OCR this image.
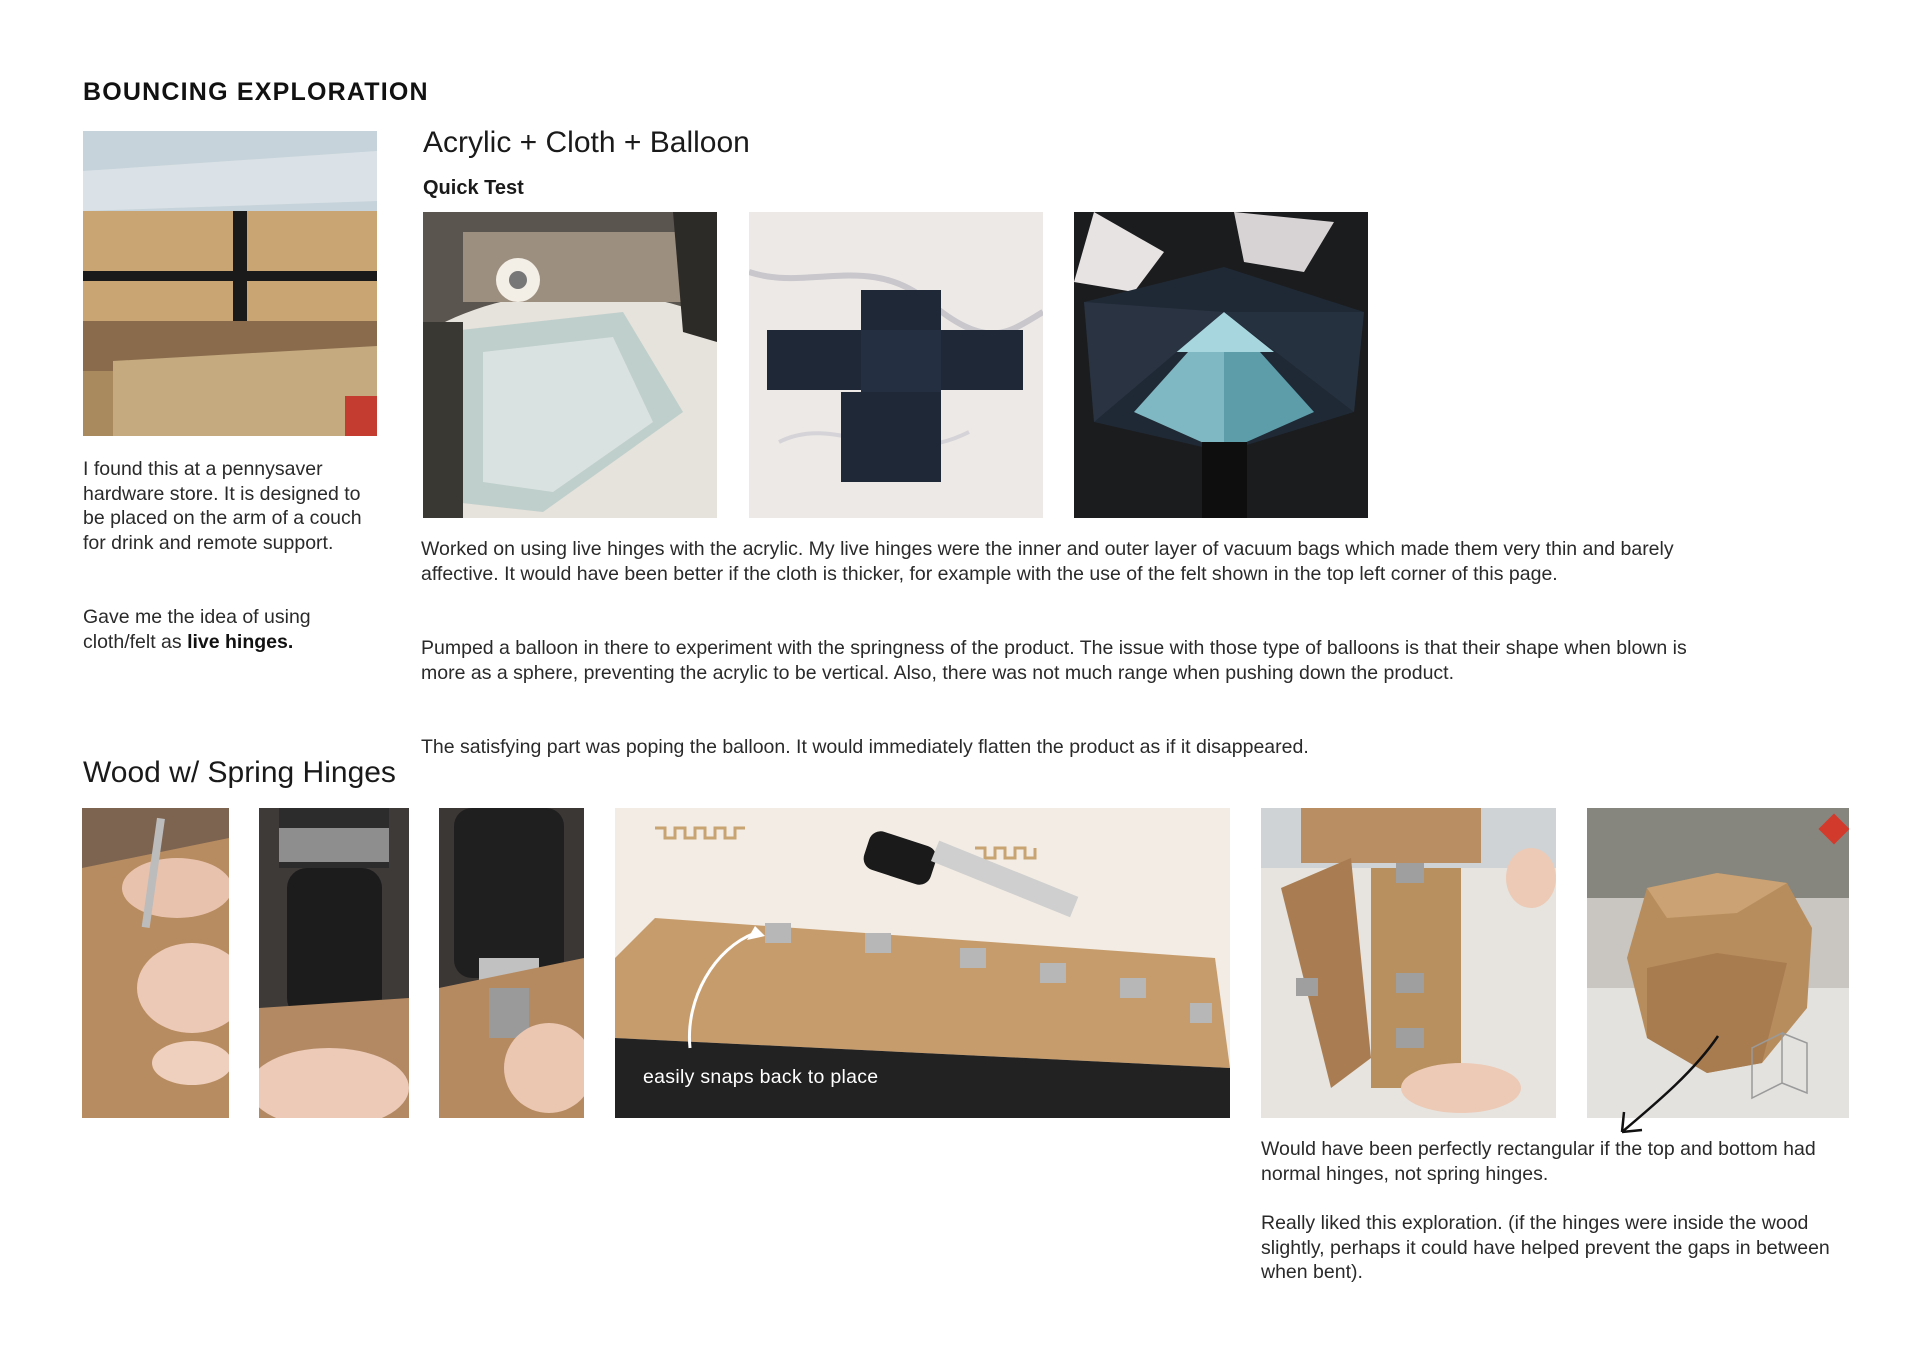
BOUNCING EXPLORATION

I found this at a pennysaver hardware store. It is designed to be placed on the arm of a couch for drink and remote support.

Gave me the idea of using cloth/felt as live hinges.

Acrylic + Cloth + Balloon
Quick Test

Worked on using live hinges with the acrylic. My live hinges were the inner and outer layer of vacuum bags which made them very thin and barely affective. It would have been better if the cloth is thicker, for example with the use of the felt shown in the top left corner of this page.

Pumped a balloon in there to experiment with the springness of the product. The issue with those type of balloons is that their shape when blown is more as a sphere, preventing the acrylic to be vertical. Also, there was not much range when pushing down the product.

The satisfying part was poping the balloon. It would immediately flatten the product as if it disappeared.

Wood w/ Spring Hinges
easily snaps back to place

Would have been perfectly rectangular if the top and bottom had normal hinges, not spring hinges.

Really liked this exploration. (if the hinges were inside the wood slightly, perhaps it could have helped prevent the gaps in between when bent).
